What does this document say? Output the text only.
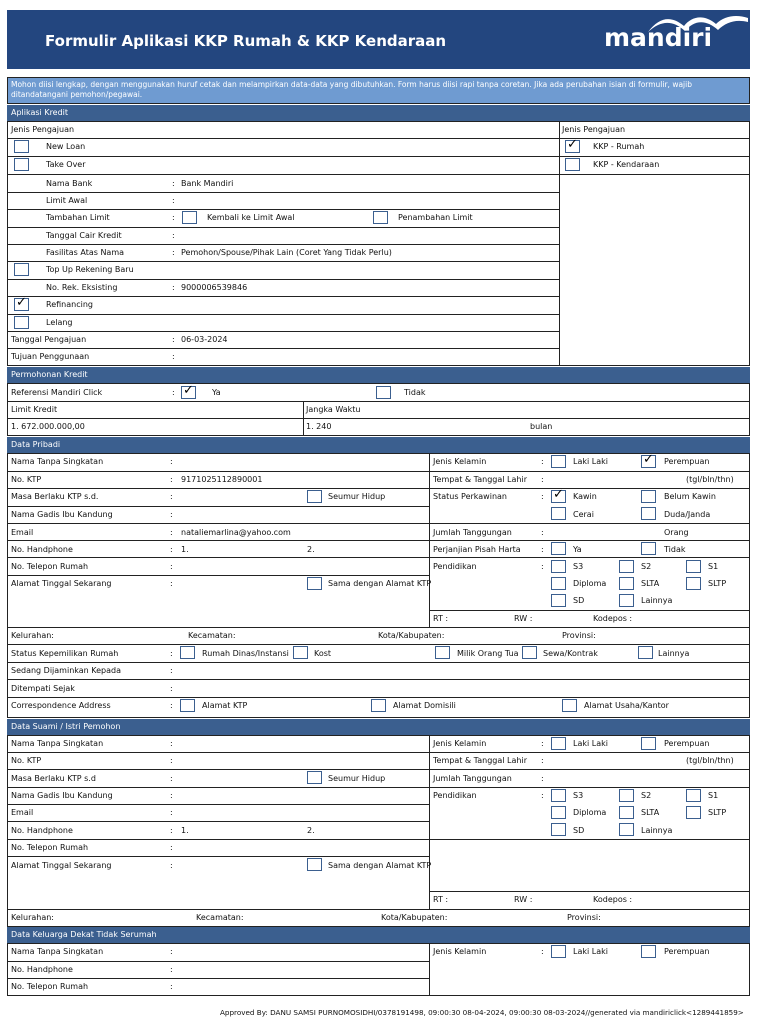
Formulir Aplikasi KKP Rumah & KKP Kendaraan	mandiri
Mohon diisi lengkap, dengan menggunakan huruf cetak dan melampirkan data-data yang dibutuhkan. Form harus diisi rapi tanpa coretan. Jika ada perubahan isian di formulir, wajib ditandatangani pemohon/pegawai.
Aplikasi Kredit
Jenis Pengajuan	Jenis Pengajuan
New Loan	✓ KKP - Rumah
Take Over	KKP - Kendaraan
Nama Bank	: Bank Mandiri
Limit Awal	:
Tambahan Limit	:	Kembali ke Limit Awal	Penambahan Limit
Tanggal Cair Kredit	:
Fasilitas Atas Nama	: Pemohon/Spouse/Pihak Lain (Coret Yang Tidak Perlu)
Top Up Rekening Baru
No. Rek. Eksisting	: 9000006539846
✓ Refinancing
Lelang
Tanggal Pengajuan	: 06-03-2024
Tujuan Penggunaan	:
Permohonan Kredit
Referensi Mandiri Click	: ✓ Ya	Tidak
Limit Kredit	Jangka Waktu
1. 672.000.000,00	1. 240	bulan
Data Pribadi
Nama Tanpa Singkatan	:
No. KTP	: 9171025112890001
Masa Berlaku KTP s.d.	:	Seumur Hidup
Nama Gadis Ibu Kandung	:
Email	: nataliemarlina@yahoo.com
No. Handphone	: 1.	2.
No. Telepon Rumah	:
Alamat Tinggal Sekarang	:	Sama dengan Alamat KTP
Jenis Kelamin	:	Laki Laki	✓ Perempuan
Tempat & Tanggal Lahir :	(tgl/bln/thn)
Status Perkawinan	: ✓ Kawin	Belum Kawin
Cerai	Duda/Janda
Jumlah Tanggungan	:	Orang
Perjanjian Pisah Harta	:	Ya	Tidak
Pendidikan	:	S3	S2	S1
Diploma	SLTA	SLTP
SD	Lainnya
RT :	RW :	Kodepos :
Kelurahan:	Kecamatan:	Kota/Kabupaten:	Provinsi:
Status Kepemilikan Rumah	:	Rumah Dinas/Instansi	Kost	Milik Orang Tua	Sewa/Kontrak	Lainnya
Sedang Dijaminkan Kepada	:
Ditempati Sejak	:
Correspondence Address	:	Alamat KTP	Alamat Domisili	Alamat Usaha/Kantor
Data Suami / Istri Pemohon
Nama Tanpa Singkatan	:
No. KTP	:
Masa Berlaku KTP s.d	:	Seumur Hidup
Nama Gadis Ibu Kandung	:
Email	:
No. Handphone	: 1.	2.
No. Telepon Rumah	:
Alamat Tinggal Sekarang	:	Sama dengan Alamat KTP
Jenis Kelamin	:	Laki Laki	Perempuan
Tempat & Tanggal Lahir :	(tgl/bln/thn)
Jumlah Tanggungan	:
Pendidikan	:	S3	S2	S1
Diploma	SLTA	SLTP
SD	Lainnya
RT :	RW :	Kodepos :
Kelurahan:	Kecamatan:	Kota/Kabupaten:	Provinsi:
Data Keluarga Dekat Tidak Serumah
Nama Tanpa Singkatan	:
No. Handphone	:
No. Telepon Rumah	:
Jenis Kelamin	:	Laki Laki	Perempuan
Approved By: DANU SAMSI PURNOMOSIDHI/0378191498, 09:00:30 08-04-2024, 09:00:30 08-03-2024//generated via mandiriclick<1289441859>
